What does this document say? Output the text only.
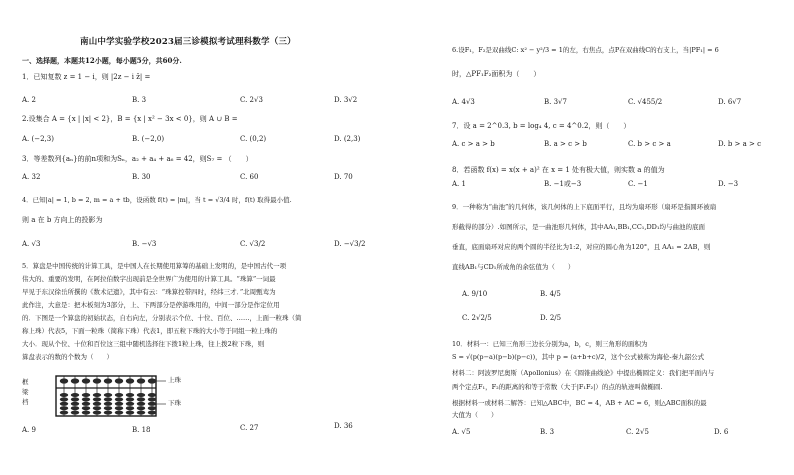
南山中学实验学校2023届三诊模拟考试理科数学（三）
一、选择题，本题共12小题，每小题5分，共60分.
1．已知复数 z = 1 − i，则 |2z − i z̄| =
A. 2	B. 3	C. 2√3	D. 3√2
2.设集合 A = {x | |x| < 2}，B = {x | x² − 3x < 0}，则 A ∪ B =
A. (−2,3)	B. (−2,0)	C. (0,2)	D. (2,3)
3．等差数列{aₙ}的前n项和为Sₙ，a₂ + a₄ + a₆ = 42，则S₇ = （　　）
A. 32	B. 30	C. 60	D. 70
4．已知|a| = 1, b = 2, m = a + tb，设函数 f(t) = |m|，当 t = √3/4 时，f(t) 取得最小值.
则 a 在 b 方向上的投影为
A. √3	B. −√3	C. √3/2	D. −√3/2
5．算盘是中国传统的计算工具，是中国人在长期使用算筹的基础上发明的，是中国古代一项
伟大的、重要的发明，在阿拉伯数字出现前是全世界广为使用的计算工具。“珠算”一词最
早见于东汉徐岳所撰的《数术记遗》，其中有云：“珠算控带四时，经纬三才．”北周甄鸾为
此作注，大意是：把木板刻为3部分，上、下两部分是停游珠用的，中间一部分是作定位用
的．下图是一个算盘的初始状态，自右向左，分别表示个位、十位、百位、……，上面一粒珠（简
称上珠）代表5，下面一粒珠（简称下珠）代表1，即五粒下珠的大小等于同组一粒上珠的
大小．现从个位、十位和百位这三组中随机选择往下拨1粒上珠，往上拨2粒下珠，则
算盘表示的数的个数为（　　）
上珠
下珠
框
梁
档
A. 9	B. 18	C. 27	D. 36
6.设F₁，F₂是双曲线C: x² − y²/3 = 1的左，右焦点，点P在双曲线C的右支上，当|PF₁| = 6
时，△PF₁F₂面积为（　　）
A. 4√3	B. 3√7	C. √455/2	D. 6√7
7．设 a = 2^0.3, b = log₄ 4, c = 4^0.2，则（　　）
A. c > a > b	B. a > c > b	C. b > c > a	D. b > a > c
8．若函数 f(x) = x(x + a)² 在 x = 1 处有极大值，则实数 a 的值为
A. 1	B. −1或−3	C. −1	D. −3
9．一种称为“曲池”的几何体，该几何体的上下底面平行，且均为扇环形（扇环是指圆环被扇
形截得的部分）.如图所示，是一曲池形几何体，其中AA₁,BB₁,CC₁,DD₁均与曲池的底面
垂直，底面扇环对应的两个圆的半径比为1:2，对应的圆心角为120°，且 AA₁ = 2AB，则
直线AB₁与CD₁所成角的余弦值为（　　）
A. 9/10	B. 4/5
C. 2√2/5	D. 2/5
10．材料一：已知三角形三边长分别为a，b，c，则三角形的面积为
S = √(p(p−a)(p−b)(p−c))，其中 p = (a+b+c)/2，这个公式被称为海伦-秦九韶公式
材料二：阿波罗尼奥斯（Apollonius）在《圆锥曲线论》中提出椭圆定义：我们把平面内与
两个定点F₁，F₂的距离的和等于常数（大于|F₁F₂|）的点的轨迹叫做椭圆.
根据材料一或材料二解答：已知△ABC中，BC = 4，AB + AC = 6，则△ABC面积的最
大值为（　　）
A. √5	B. 3	C. 2√5	D. 6
